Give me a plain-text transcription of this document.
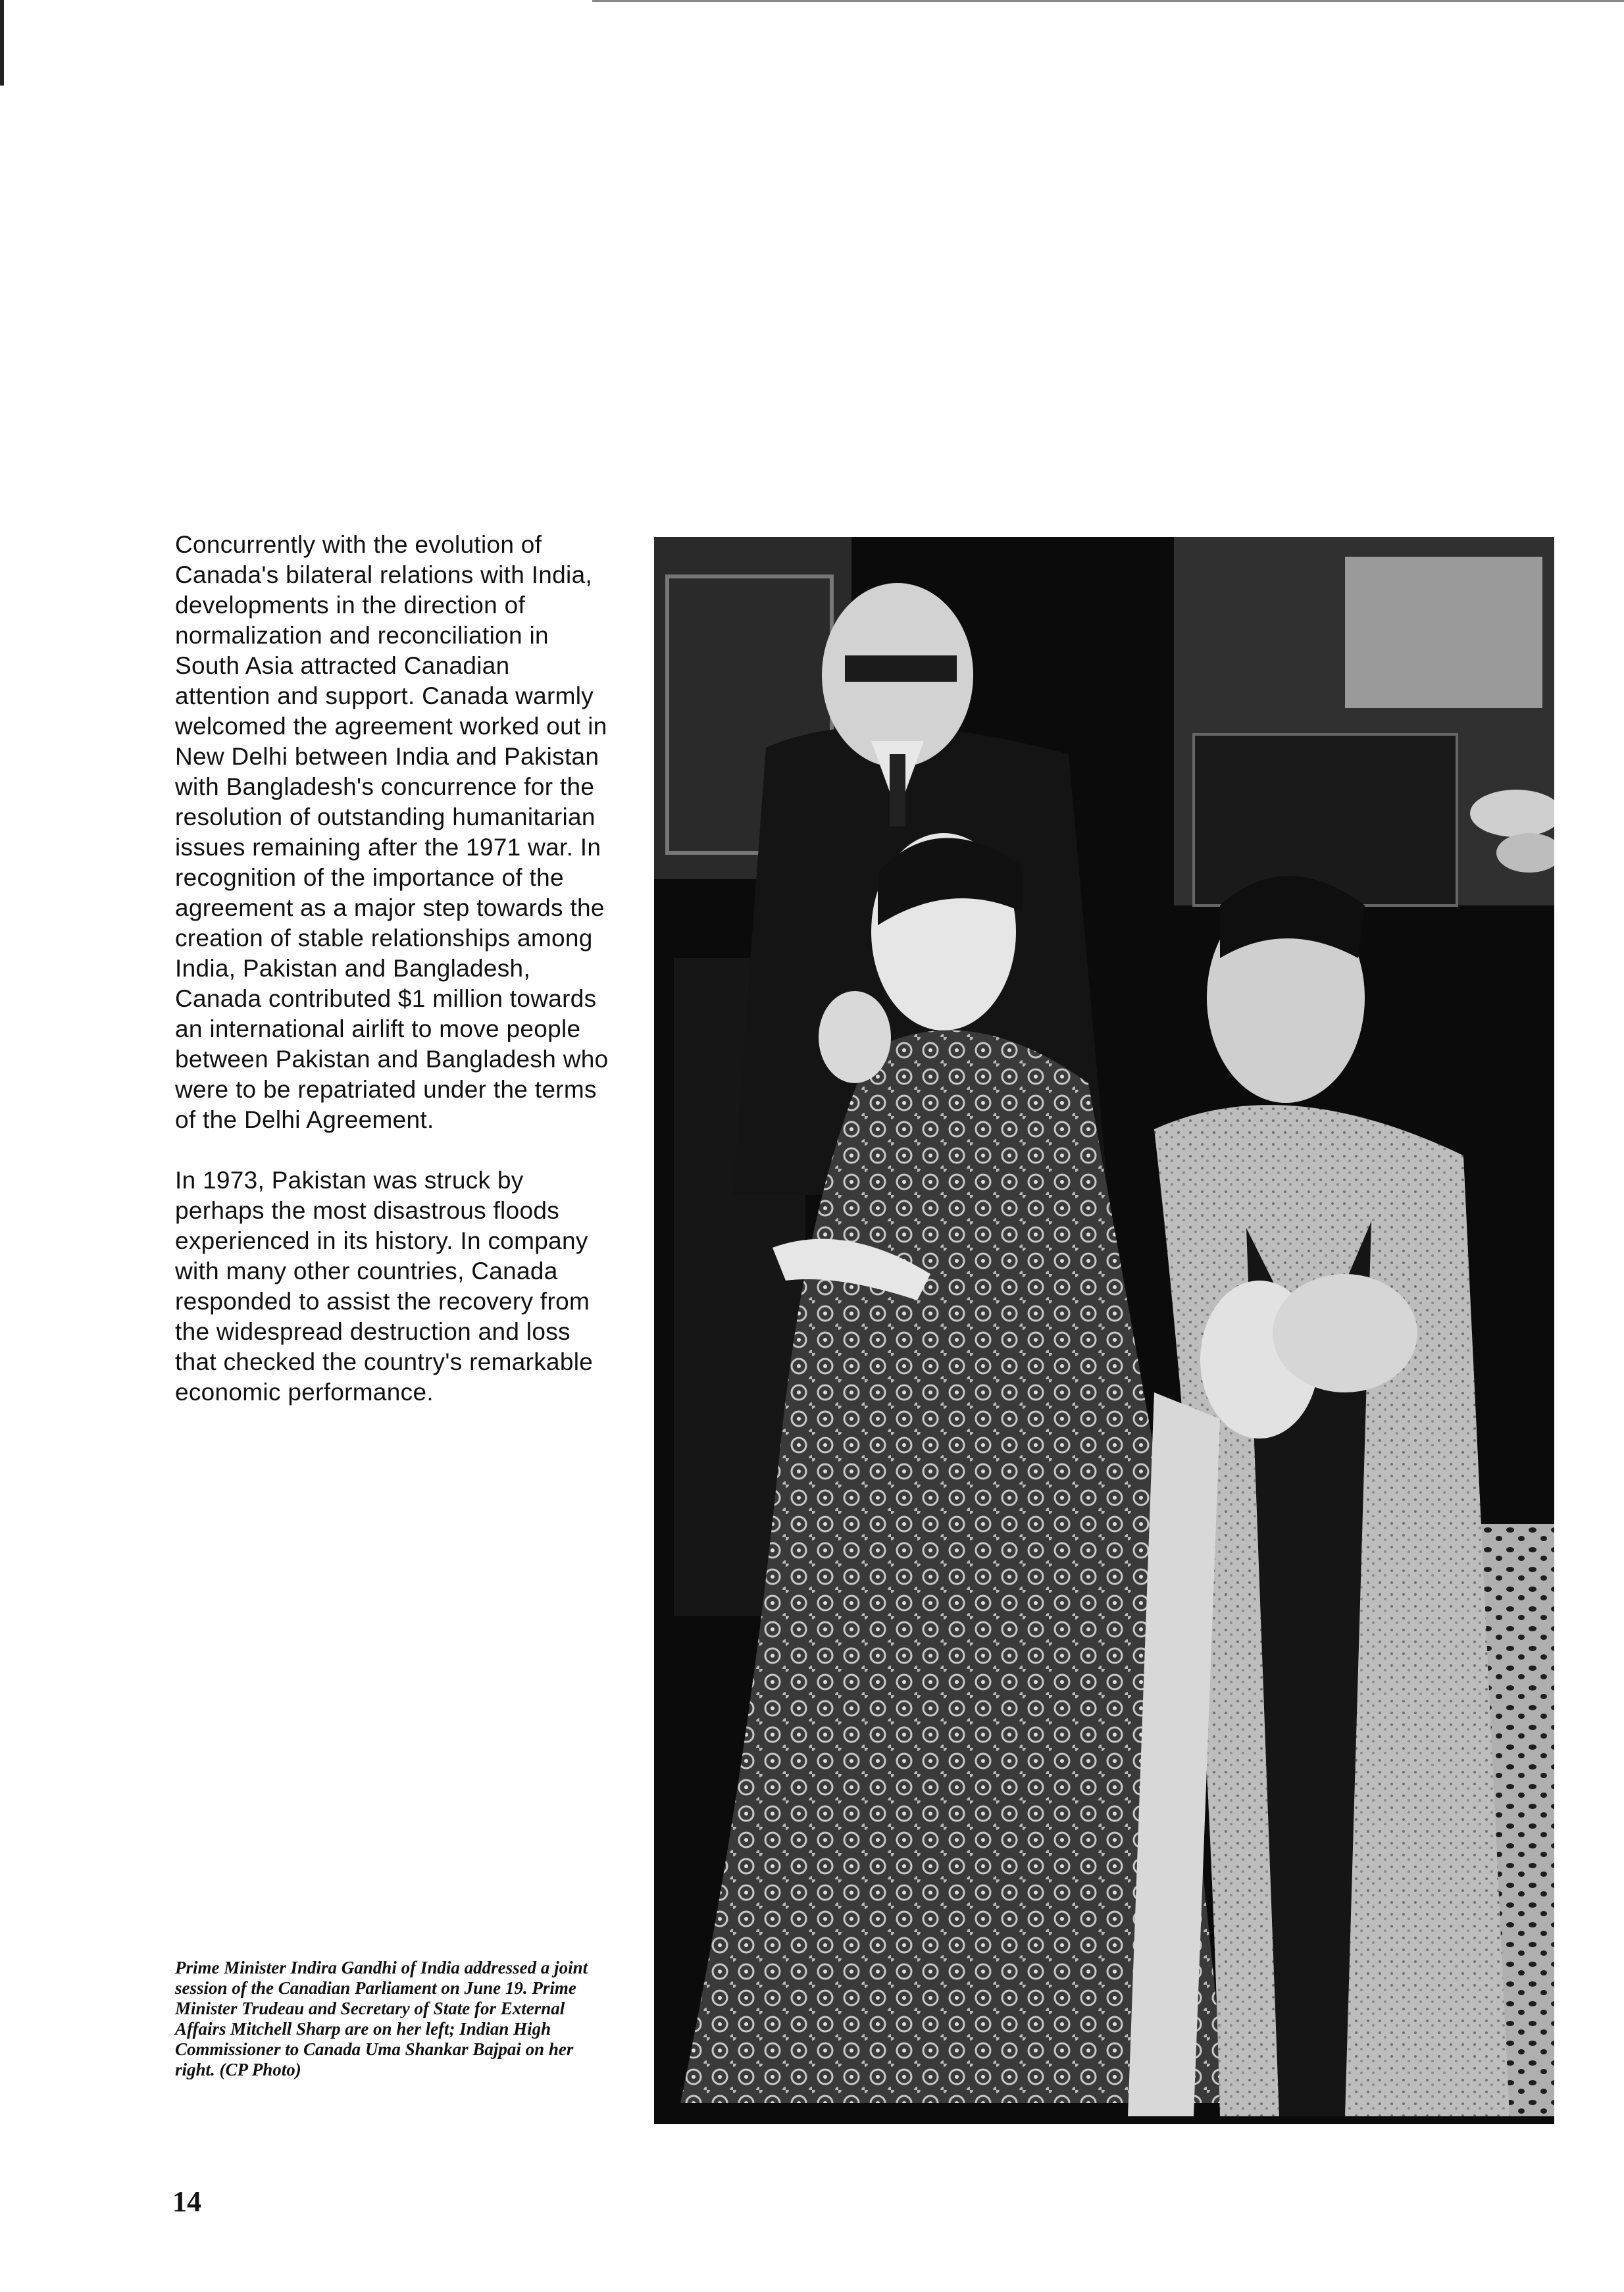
Concurrently with the evolution of Canada's bilateral relations with India, developments in the direction of normalization and reconciliation in South Asia attracted Canadian attention and support. Canada warmly welcomed the agreement worked out in New Delhi between India and Pakistan with Bangladesh's concurrence for the resolution of outstanding humanitarian issues remaining after the 1971 war. In recognition of the importance of the agreement as a major step towards the creation of stable relationships among India, Pakistan and Bangladesh, Canada contributed $1 million towards an international airlift to move people between Pakistan and Bangladesh who were to be repatriated under the terms of the Delhi Agreement.

In 1973, Pakistan was struck by perhaps the most disastrous floods experienced in its history. In company with many other countries, Canada responded to assist the recovery from the widespread destruction and loss that checked the country's remarkable economic performance.

Prime Minister Indira Gandhi of India addressed a joint session of the Canadian Parliament on June 19. Prime Minister Trudeau and Secretary of State for External Affairs Mitchell Sharp are on her left; Indian High Commissioner to Canada Uma Shankar Bajpai on her right. (CP Photo)
14
